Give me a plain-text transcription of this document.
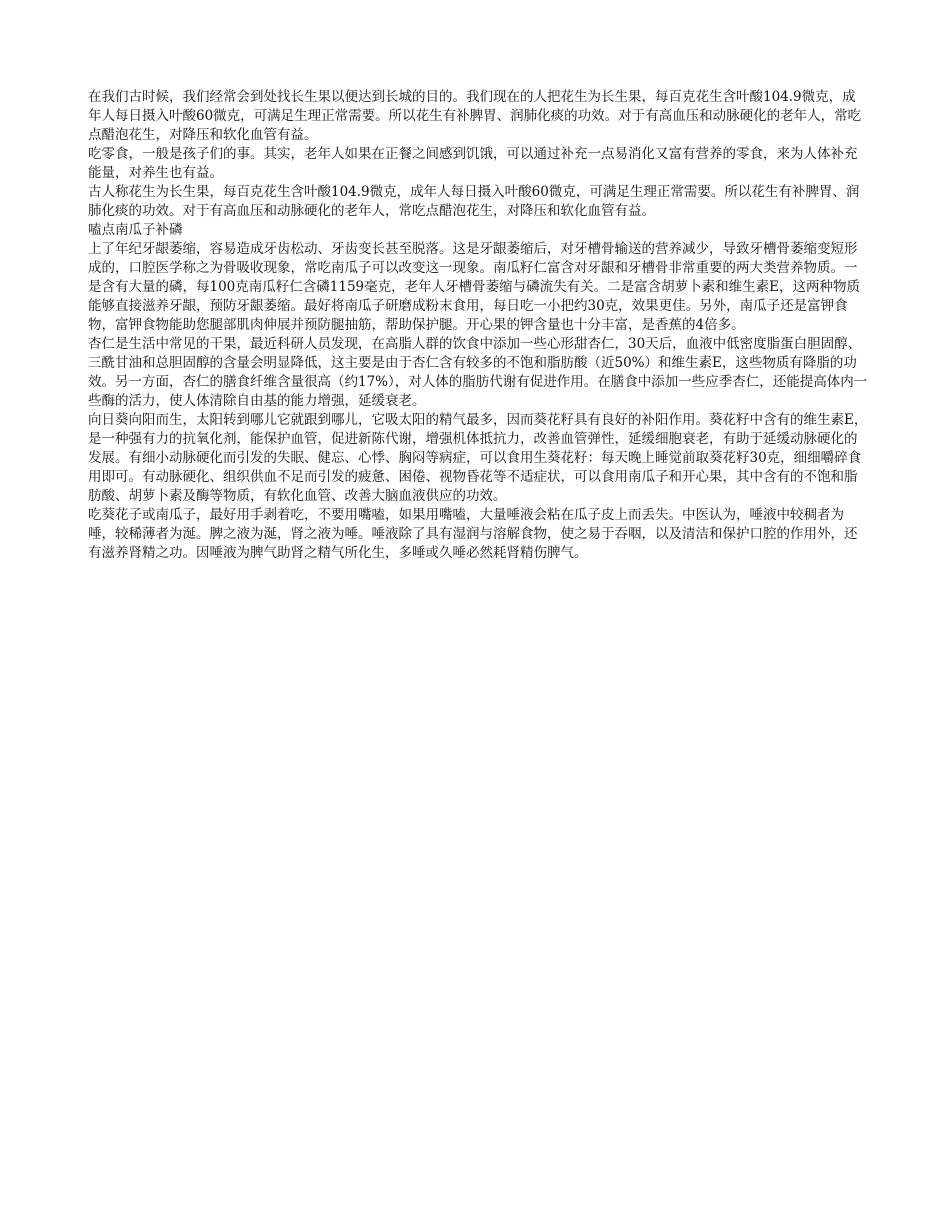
在我们古时候，我们经常会到处找长生果以便达到长城的目的。我们现在的人把花生为长生果，每百克花生含叶酸104.9微克，成年人每日摄入叶酸60微克，可满足生理正常需要。所以花生有补脾胃、润肺化痰的功效。对于有高血压和动脉硬化的老年人，常吃点醋泡花生，对降压和软化血管有益。

吃零食，一般是孩子们的事。其实，老年人如果在正餐之间感到饥饿，可以通过补充一点易消化又富有营养的零食，来为人体补充能量，对养生也有益。

古人称花生为长生果，每百克花生含叶酸104.9微克，成年人每日摄入叶酸60微克，可满足生理正常需要。所以花生有补脾胃、润肺化痰的功效。对于有高血压和动脉硬化的老年人，常吃点醋泡花生，对降压和软化血管有益。

嗑点南瓜子补磷

上了年纪牙龈萎缩，容易造成牙齿松动、牙齿变长甚至脱落。这是牙龈萎缩后，对牙槽骨输送的营养减少，导致牙槽骨萎缩变短形成的，口腔医学称之为骨吸收现象，常吃南瓜子可以改变这一现象。南瓜籽仁富含对牙龈和牙槽骨非常重要的两大类营养物质。一是含有大量的磷，每100克南瓜籽仁含磷1159毫克，老年人牙槽骨萎缩与磷流失有关。二是富含胡萝卜素和维生素E，这两种物质能够直接滋养牙龈，预防牙龈萎缩。最好将南瓜子研磨成粉末食用，每日吃一小把约30克，效果更佳。另外，南瓜子还是富钾食物，富钾食物能助您腿部肌肉伸展并预防腿抽筋，帮助保护腿。开心果的钾含量也十分丰富，是香蕉的4倍多。

杏仁是生活中常见的干果，最近科研人员发现，在高脂人群的饮食中添加一些心形甜杏仁，30天后，血液中低密度脂蛋白胆固醇、三酰甘油和总胆固醇的含量会明显降低，这主要是由于杏仁含有较多的不饱和脂肪酸（近50%）和维生素E，这些物质有降脂的功效。另一方面，杏仁的膳食纤维含量很高（约17%），对人体的脂肪代谢有促进作用。在膳食中添加一些应季杏仁，还能提高体内一些酶的活力，使人体清除自由基的能力增强，延缓衰老。

向日葵向阳而生，太阳转到哪儿它就跟到哪儿，它吸太阳的精气最多，因而葵花籽具有良好的补阳作用。葵花籽中含有的维生素E，是一种强有力的抗氧化剂，能保护血管，促进新陈代谢，增强机体抵抗力，改善血管弹性，延缓细胞衰老，有助于延缓动脉硬化的发展。有细小动脉硬化而引发的失眠、健忘、心悸、胸闷等病症，可以食用生葵花籽：每天晚上睡觉前取葵花籽30克，细细嚼碎食用即可。有动脉硬化、组织供血不足而引发的疲惫、困倦、视物昏花等不适症状，可以食用南瓜子和开心果，其中含有的不饱和脂肪酸、胡萝卜素及酶等物质，有软化血管、改善大脑血液供应的功效。

吃葵花子或南瓜子，最好用手剥着吃，不要用嘴嗑，如果用嘴嗑，大量唾液会粘在瓜子皮上而丢失。中医认为，唾液中较稠者为唾，较稀薄者为涎。脾之液为涎，肾之液为唾。唾液除了具有湿润与溶解食物，使之易于吞咽，以及清洁和保护口腔的作用外，还有滋养肾精之功。因唾液为脾气助肾之精气所化生，多唾或久唾必然耗肾精伤脾气。
